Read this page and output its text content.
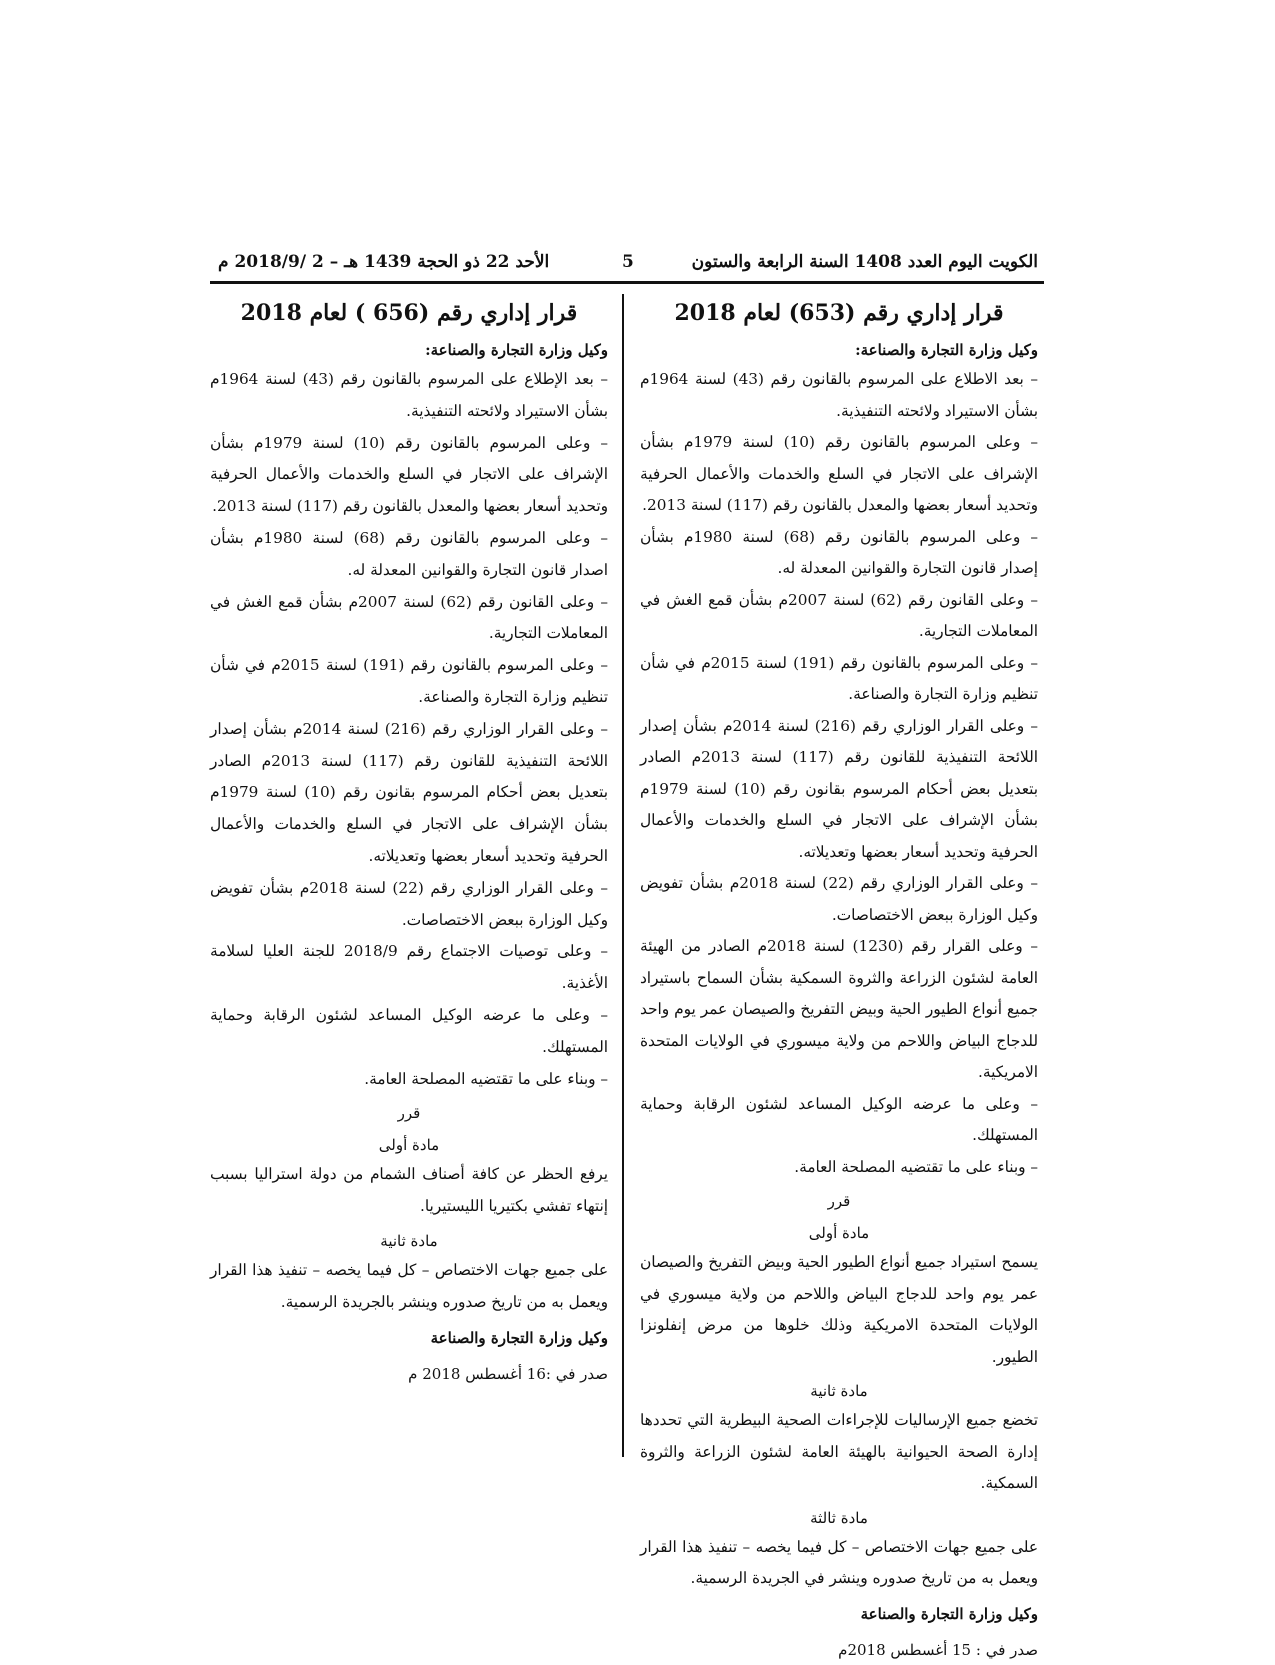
الكويت اليوم العدد 1408 السنة الرابعة والستون
5
الأحد 22 ذو الحجة 1439 هـ – 2 /2018/9 م
قرار إداري رقم (653) لعام 2018

وكيل وزارة التجارة والصناعة:

– بعد الاطلاع على المرسوم بالقانون رقم (43) لسنة 1964م بشأن الاستيراد ولائحته التنفيذية.

– وعلى المرسوم بالقانون رقم (10) لسنة 1979م بشأن الإشراف على الاتجار في السلع والخدمات والأعمال الحرفية وتحديد أسعار بعضها والمعدل بالقانون رقم (117) لسنة 2013.

– وعلى المرسوم بالقانون رقم (68) لسنة 1980م بشأن إصدار قانون التجارة والقوانين المعدلة له.

– وعلى القانون رقم (62) لسنة 2007م بشأن قمع الغش في المعاملات التجارية.

– وعلى المرسوم بالقانون رقم (191) لسنة 2015م في شأن تنظيم وزارة التجارة والصناعة.

– وعلى القرار الوزاري رقم (216) لسنة 2014م بشأن إصدار اللائحة التنفيذية للقانون رقم (117) لسنة 2013م الصادر بتعديل بعض أحكام المرسوم بقانون رقم (10) لسنة 1979م بشأن الإشراف على الاتجار في السلع والخدمات والأعمال الحرفية وتحديد أسعار بعضها وتعديلاته.

– وعلى القرار الوزاري رقم (22) لسنة 2018م بشأن تفويض وكيل الوزارة ببعض الاختصاصات.

– وعلى القرار رقم (1230) لسنة 2018م الصادر من الهيئة العامة لشئون الزراعة والثروة السمكية بشأن السماح باستيراد جميع أنواع الطيور الحية وبيض التفريخ والصيصان عمر يوم واحد للدجاج البياض واللاحم من ولاية ميسوري في الولايات المتحدة الامريكية.

– وعلى ما عرضه الوكيل المساعد لشئون الرقابة وحماية المستهلك.

– وبناء على ما تقتضيه المصلحة العامة.

قرر

مادة أولى

يسمح استيراد جميع أنواع الطيور الحية وبيض التفريخ والصيصان عمر يوم واحد للدجاج البياض واللاحم من ولاية ميسوري في الولايات المتحدة الامريكية وذلك خلوها من مرض إنفلونزا الطيور.

مادة ثانية

تخضع جميع الإرساليات للإجراءات الصحية البيطرية التي تحددها إدارة الصحة الحيوانية بالهيئة العامة لشئون الزراعة والثروة السمكية.

مادة ثالثة

على جميع جهات الاختصاص – كل فيما يخصه – تنفيذ هذا القرار ويعمل به من تاريخ صدوره وينشر في الجريدة الرسمية.

وكيل وزارة التجارة والصناعة

صدر في : 15 أغسطس 2018م

قرار إداري رقم (656 ) لعام 2018

وكيل وزارة التجارة والصناعة:

– بعد الإطلاع على المرسوم بالقانون رقم (43) لسنة 1964م بشأن الاستيراد ولائحته التنفيذية.

– وعلى المرسوم بالقانون رقم (10) لسنة 1979م بشأن الإشراف على الاتجار في السلع والخدمات والأعمال الحرفية وتحديد أسعار بعضها والمعدل بالقانون رقم (117) لسنة 2013.

– وعلى المرسوم بالقانون رقم (68) لسنة 1980م بشأن اصدار قانون التجارة والقوانين المعدلة له.

– وعلى القانون رقم (62) لسنة 2007م بشأن قمع الغش في المعاملات التجارية.

– وعلى المرسوم بالقانون رقم (191) لسنة 2015م في شأن تنظيم وزارة التجارة والصناعة.

– وعلى القرار الوزاري رقم (216) لسنة 2014م بشأن إصدار اللائحة التنفيذية للقانون رقم (117) لسنة 2013م الصادر بتعديل بعض أحكام المرسوم بقانون رقم (10) لسنة 1979م بشأن الإشراف على الاتجار في السلع والخدمات والأعمال الحرفية وتحديد أسعار بعضها وتعديلاته.

– وعلى القرار الوزاري رقم (22) لسنة 2018م بشأن تفويض وكيل الوزارة ببعض الاختصاصات.

– وعلى توصيات الاجتماع رقم 2018/9 للجنة العليا لسلامة الأغذية.

– وعلى ما عرضه الوكيل المساعد لشئون الرقابة وحماية المستهلك.

– وبناء على ما تقتضيه المصلحة العامة.

قرر

مادة أولى

يرفع الحظر عن كافة أصناف الشمام من دولة استراليا بسبب إنتهاء تفشي بكتيريا الليستيريا.

مادة ثانية

على جميع جهات الاختصاص – كل فيما يخصه – تنفيذ هذا القرار ويعمل به من تاريخ صدوره وينشر بالجريدة الرسمية.

وكيل وزارة التجارة والصناعة

صدر في :16 أغسطس 2018 م
